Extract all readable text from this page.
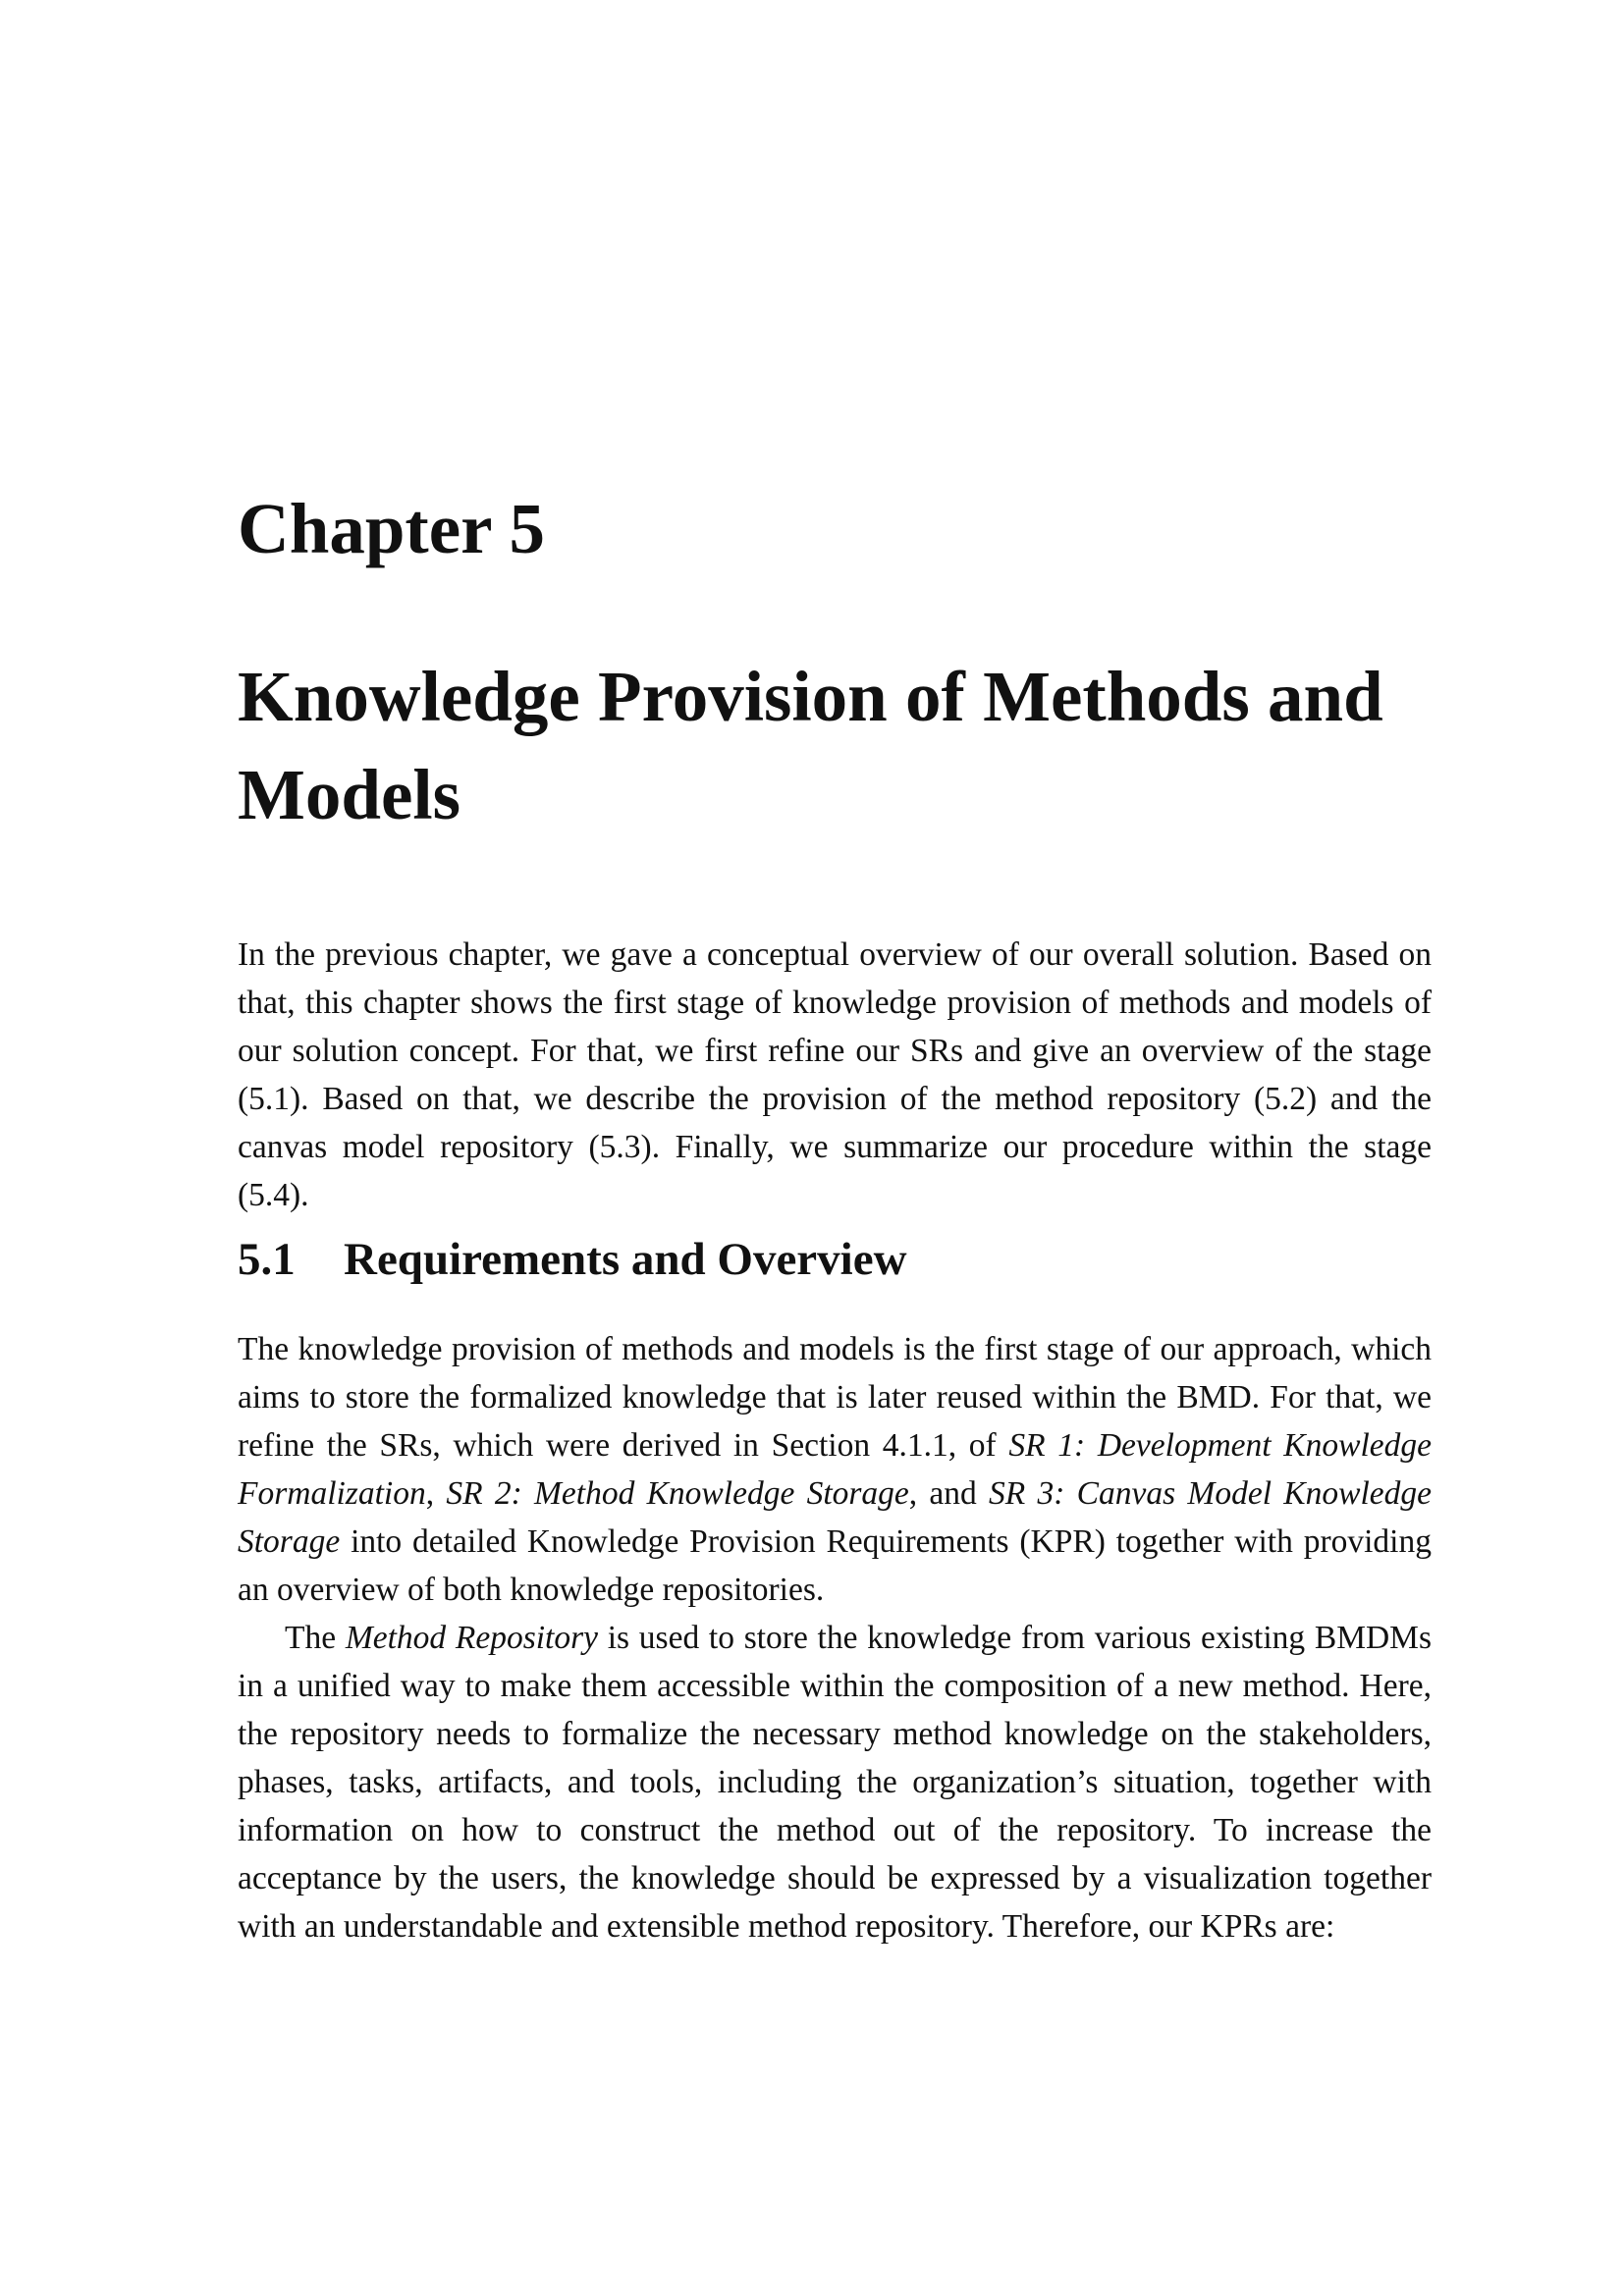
Chapter 5
Knowledge Provision of Methods and Models

In the previous chapter, we gave a conceptual overview of our overall solution. Based on that, this chapter shows the first stage of knowledge provision of methods and models of our solution concept. For that, we first refine our SRs and give an overview of the stage (5.1). Based on that, we describe the provision of the method repository (5.2) and the canvas model repository (5.3). Finally, we summarize our procedure within the stage (5.4).

5.1 Requirements and Overview

The knowledge provision of methods and models is the first stage of our approach, which aims to store the formalized knowledge that is later reused within the BMD. For that, we refine the SRs, which were derived in Section 4.1.1, of SR 1: Development Knowledge Formalization, SR 2: Method Knowledge Storage, and SR 3: Canvas Model Knowledge Storage into detailed Knowledge Provision Requirements (KPR) together with providing an overview of both knowledge repositories.

The Method Repository is used to store the knowledge from various existing BMDMs in a unified way to make them accessible within the composition of a new method. Here, the repository needs to formalize the necessary method knowledge on the stakeholders, phases, tasks, artifacts, and tools, including the organization’s situation, together with information on how to construct the method out of the repository. To increase the acceptance by the users, the knowledge should be expressed by a visualization together with an understandable and extensible method repository. Therefore, our KPRs are:
